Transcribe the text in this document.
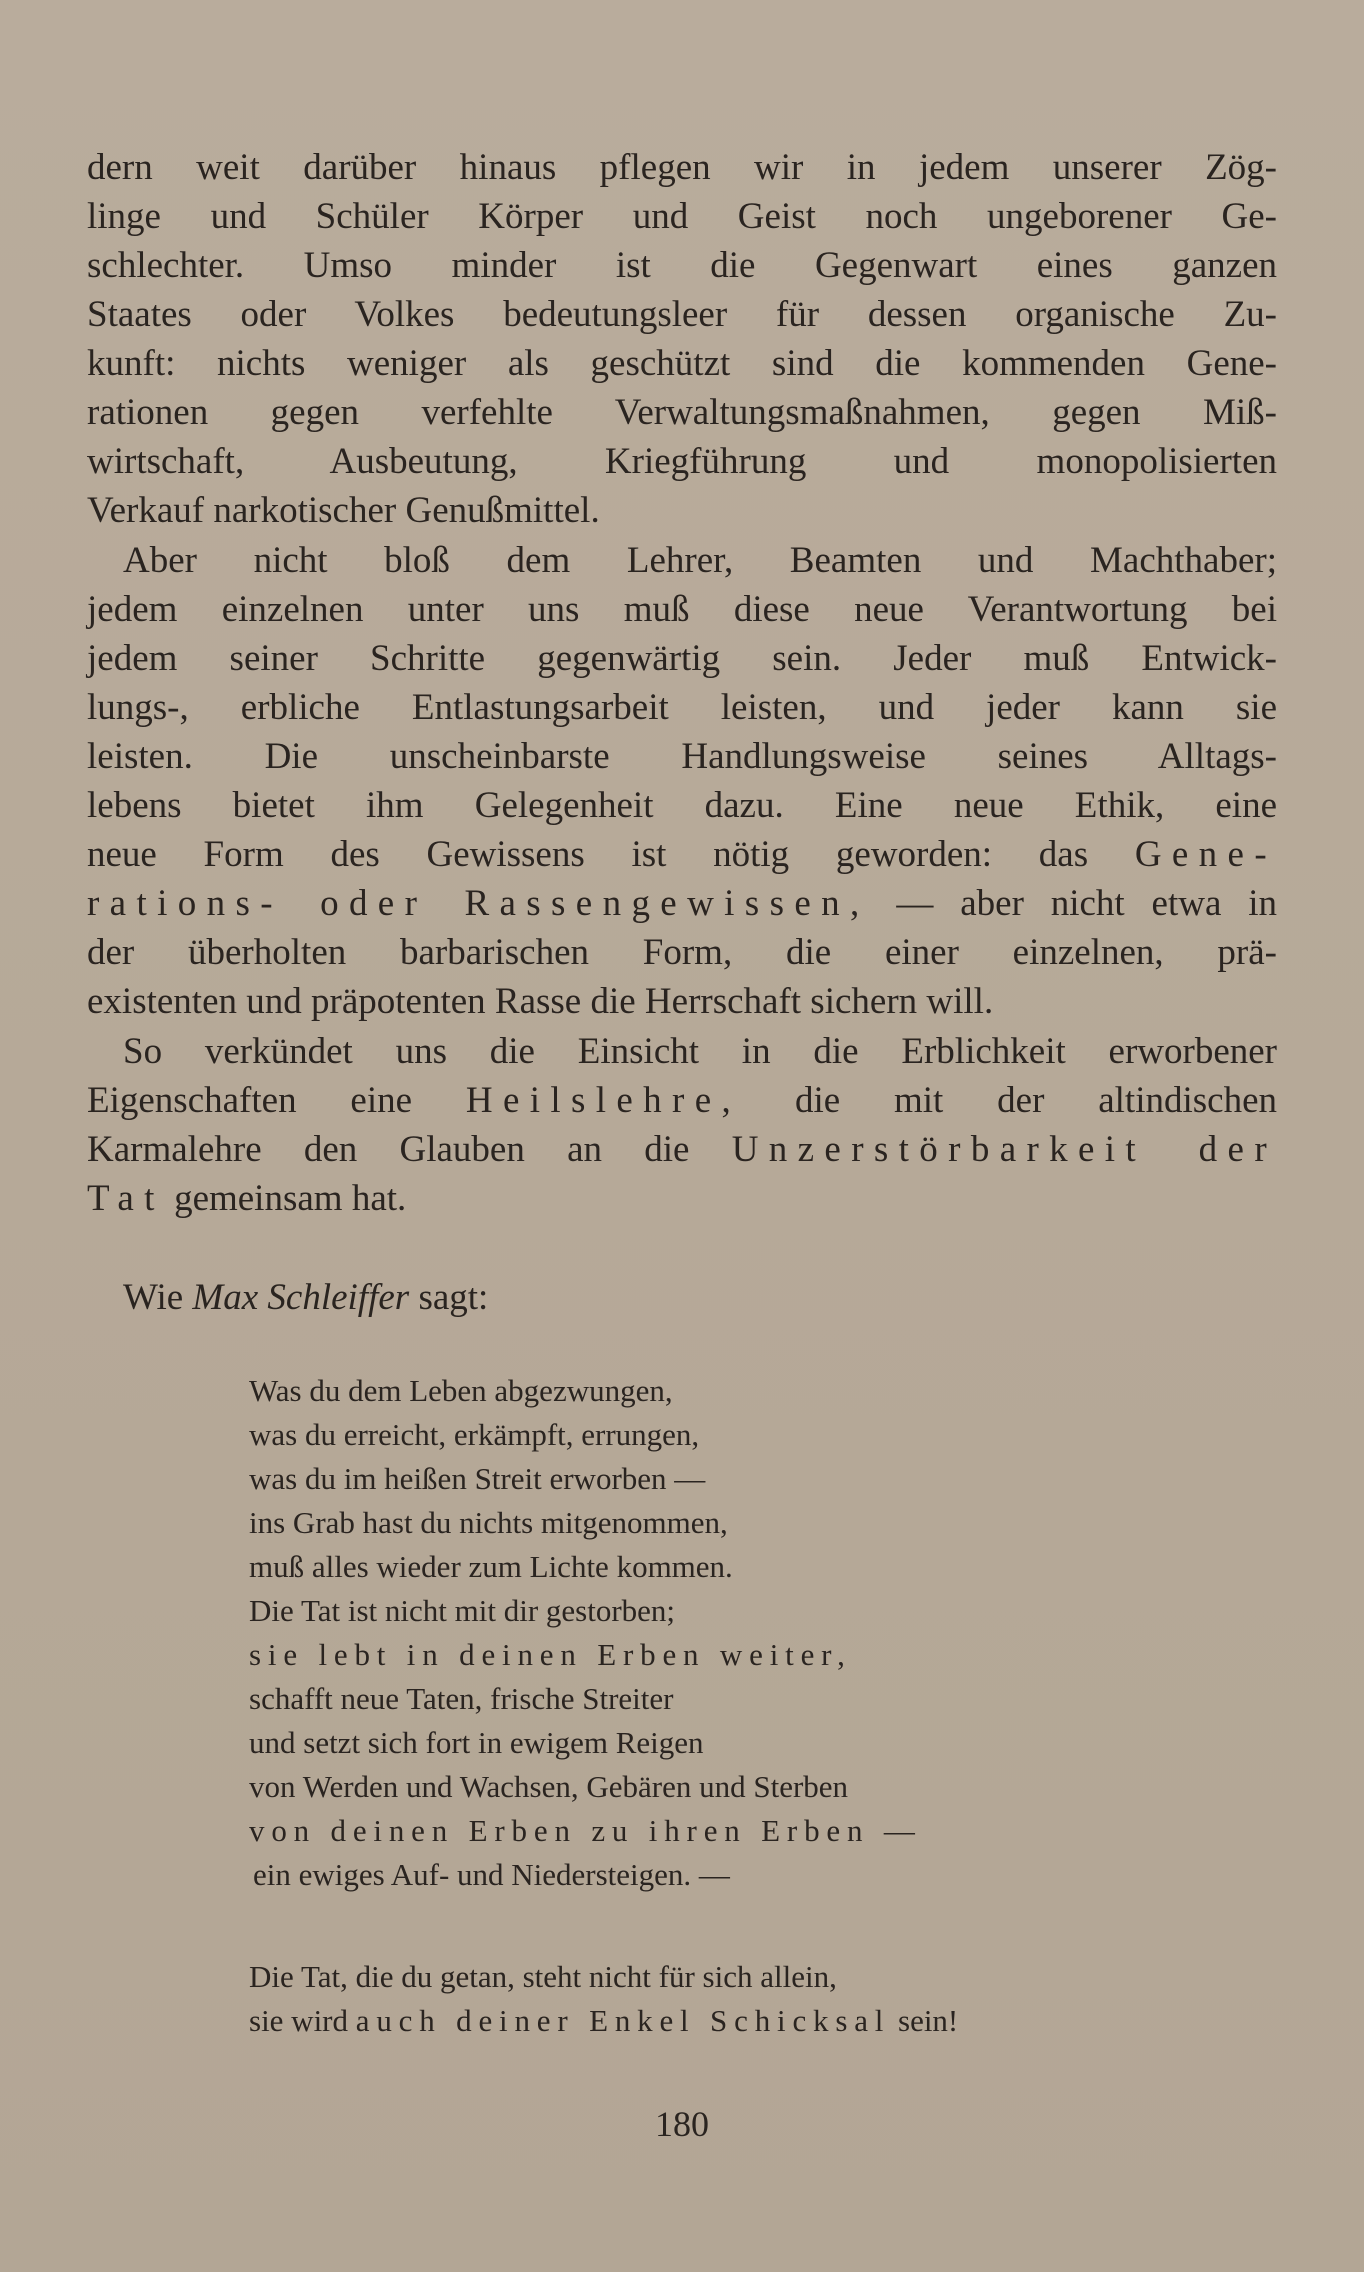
dern weit darüber hinaus pflegen wir in jedem unserer Zög-
linge und Schüler Körper und Geist noch ungeborener Ge-
schlechter. Umso minder ist die Gegenwart eines ganzen
Staates oder Volkes bedeutungsleer für dessen organische Zu-
kunft: nichts weniger als geschützt sind die kommenden Gene-
rationen gegen verfehlte Verwaltungsmaßnahmen, gegen Miß-
wirtschaft, Ausbeutung, Kriegführung und monopolisierten
Verkauf narkotischer Genußmittel.
Aber nicht bloß dem Lehrer, Beamten und Machthaber;
jedem einzelnen unter uns muß diese neue Verantwortung bei
jedem seiner Schritte gegenwärtig sein. Jeder muß Entwick-
lungs-, erbliche Entlastungsarbeit leisten, und jeder kann sie
leisten. Die unscheinbarste Handlungsweise seines Alltags-
lebens bietet ihm Gelegenheit dazu. Eine neue Ethik, eine
neue Form des Gewissens ist nötig geworden: das Gene-
rations- oder Rassengewissen, — aber nicht etwa in
der überholten barbarischen Form, die einer einzelnen, prä-
existenten und präpotenten Rasse die Herrschaft sichern will.
So verkündet uns die Einsicht in die Erblichkeit erworbener
Eigenschaften eine Heilslehre, die mit der altindischen
Karmalehre den Glauben an die Unzerstörbarkeit der
Tat gemeinsam hat.
Wie Max Schleiffer sagt:
Was du dem Leben abgezwungen,
was du erreicht, erkämpft, errungen,
was du im heißen Streit erworben —
ins Grab hast du nichts mitgenommen,
muß alles wieder zum Lichte kommen.
Die Tat ist nicht mit dir gestorben;
sie lebt in deinen Erben weiter,
schafft neue Taten, frische Streiter
und setzt sich fort in ewigem Reigen
von Werden und Wachsen, Gebären und Sterben
von deinen Erben zu ihren Erben —
ein ewiges Auf- und Niedersteigen. —
Die Tat, die du getan, steht nicht für sich allein,
sie wird auch deiner Enkel Schicksal sein!
180
